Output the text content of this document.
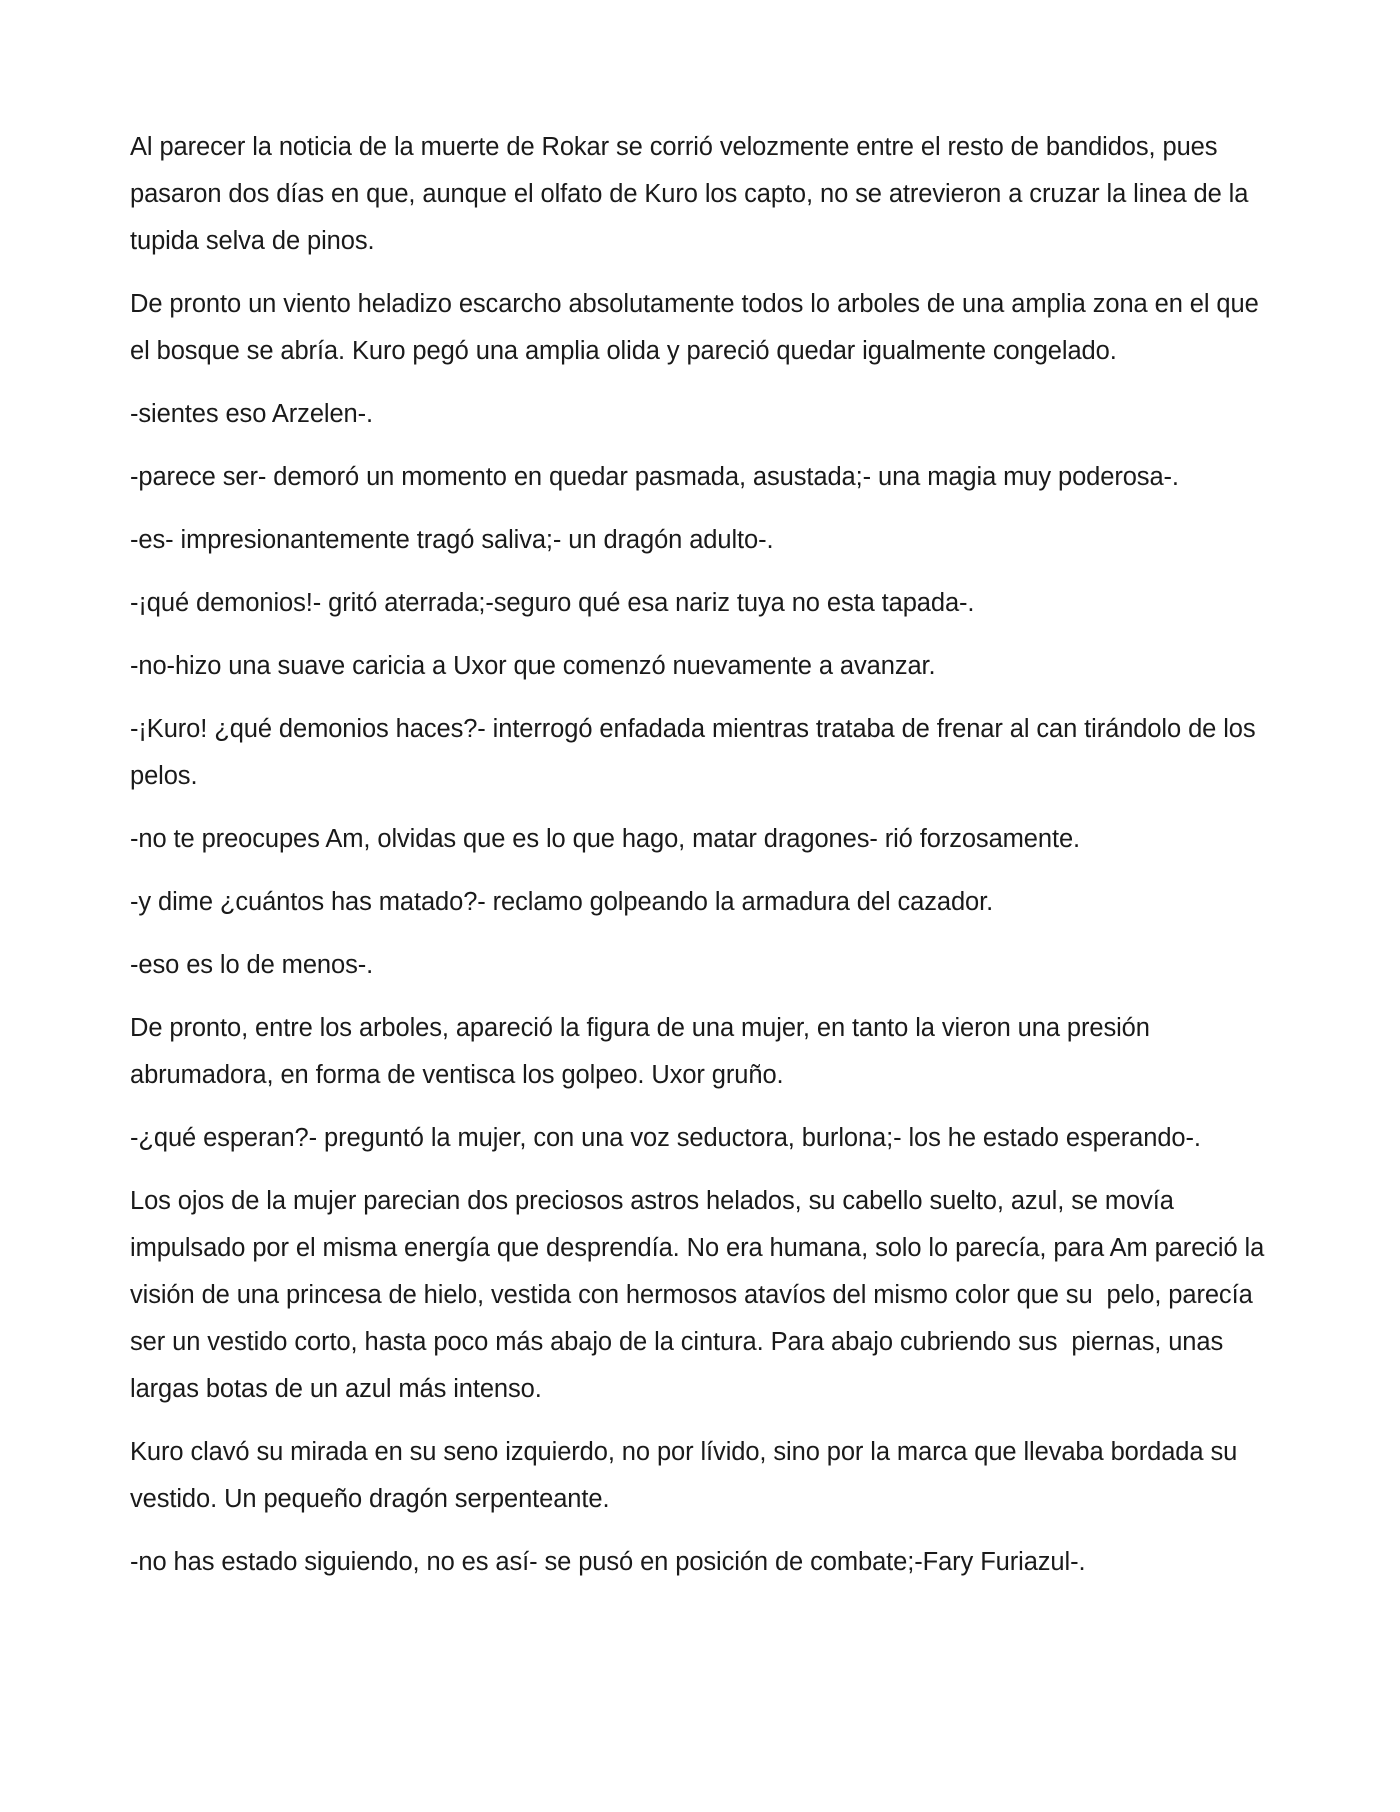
Al parecer la noticia de la muerte de Rokar se corrió velozmente entre el resto de bandidos, pues pasaron dos días en que, aunque el olfato de Kuro los capto, no se atrevieron a cruzar la linea de la tupida selva de pinos.

De pronto un viento heladizo escarcho absolutamente todos lo arboles de una amplia zona en el que el bosque se abría. Kuro pegó una amplia olida y pareció quedar igualmente congelado.

-sientes eso Arzelen-.

-parece ser- demoró un momento en quedar pasmada, asustada;- una magia muy poderosa-.

-es- impresionantemente tragó saliva;- un dragón adulto-.

-¡qué demonios!- gritó aterrada;-seguro qué esa nariz tuya no esta tapada-.

-no-hizo una suave caricia a Uxor que comenzó nuevamente a avanzar.

-¡Kuro! ¿qué demonios haces?- interrogó enfadada mientras trataba de frenar al can tirándolo de los pelos.

-no te preocupes Am, olvidas que es lo que hago, matar dragones- rió forzosamente.

-y dime ¿cuántos has matado?- reclamo golpeando la armadura del cazador.

-eso es lo de menos-.

De pronto, entre los arboles, apareció la figura de una mujer, en tanto la vieron una presión abrumadora, en forma de ventisca los golpeo. Uxor gruño.

-¿qué esperan?- preguntó la mujer, con una voz seductora, burlona;- los he estado esperando-.

Los ojos de la mujer parecian dos preciosos astros helados, su cabello suelto, azul, se movía impulsado por el misma energía que desprendía. No era humana, solo lo parecía, para Am pareció la visión de una princesa de hielo, vestida con hermosos atavíos del mismo color que su  pelo, parecía ser un vestido corto, hasta poco más abajo de la cintura. Para abajo cubriendo sus  piernas, unas largas botas de un azul más intenso.

Kuro clavó su mirada en su seno izquierdo, no por lívido, sino por la marca que llevaba bordada su vestido. Un pequeño dragón serpenteante.

-no has estado siguiendo, no es así- se pusó en posición de combate;-Fary Furiazul-.
